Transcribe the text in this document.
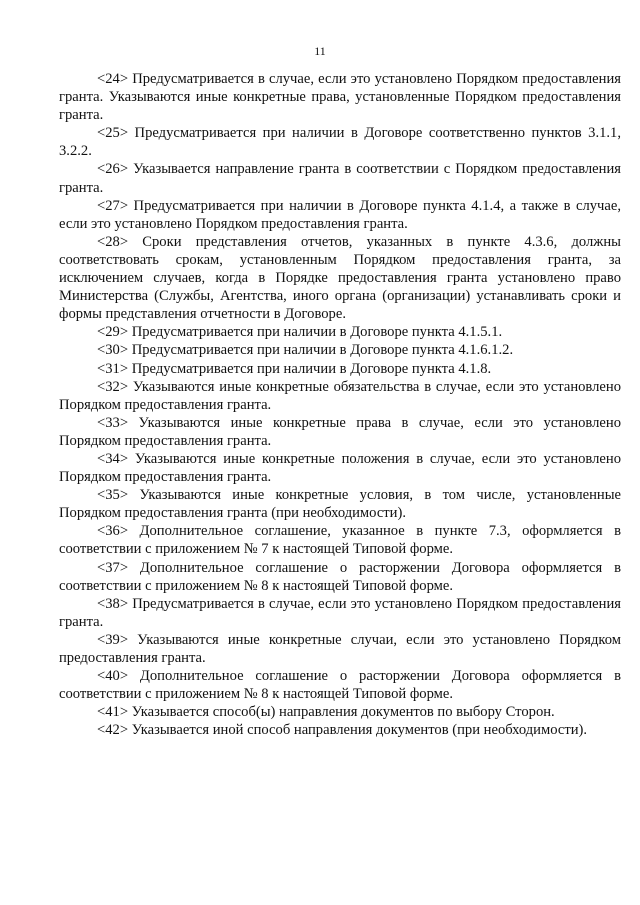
11

<24> Предусматривается в случае, если это установлено Порядком предоставления гранта. Указываются иные конкретные права, установленные Порядком предоставления гранта.

<25> Предусматривается при наличии в Договоре соответственно пунктов 3.1.1, 3.2.2.

<26> Указывается направление гранта в соответствии с Порядком предоставления гранта.

<27> Предусматривается при наличии в Договоре пункта 4.1.4, а также в случае, если это установлено Порядком предоставления гранта.

<28> Сроки представления отчетов, указанных в пункте 4.3.6, должны соответствовать срокам, установленным Порядком предоставления гранта, за исключением случаев, когда в Порядке предоставления гранта установлено право Министерства (Службы, Агентства, иного органа (организации) устанавливать сроки и формы представления отчетности в Договоре.

<29> Предусматривается при наличии в Договоре пункта 4.1.5.1.

<30> Предусматривается при наличии в Договоре пункта 4.1.6.1.2.

<31> Предусматривается при наличии в Договоре пункта 4.1.8.

<32> Указываются иные конкретные обязательства в случае, если это установлено Порядком предоставления гранта.

<33> Указываются иные конкретные права в случае, если это установлено Порядком предоставления гранта.

<34> Указываются иные конкретные положения в случае, если это установлено Порядком предоставления гранта.

<35> Указываются иные конкретные условия, в том числе, установленные Порядком предоставления гранта (при необходимости).

<36> Дополнительное соглашение, указанное в пункте 7.3, оформляется в соответствии с приложением № 7 к настоящей Типовой форме.

<37> Дополнительное соглашение о расторжении Договора оформляется в соответствии с приложением № 8 к настоящей Типовой форме.

<38> Предусматривается в случае, если это установлено Порядком предоставления гранта.

<39> Указываются иные конкретные случаи, если это установлено Порядком предоставления гранта.

<40> Дополнительное соглашение о расторжении Договора оформляется в соответствии с приложением № 8 к настоящей Типовой форме.

<41> Указывается способ(ы) направления документов по выбору Сторон.

<42> Указывается иной способ направления документов (при необходимости).
